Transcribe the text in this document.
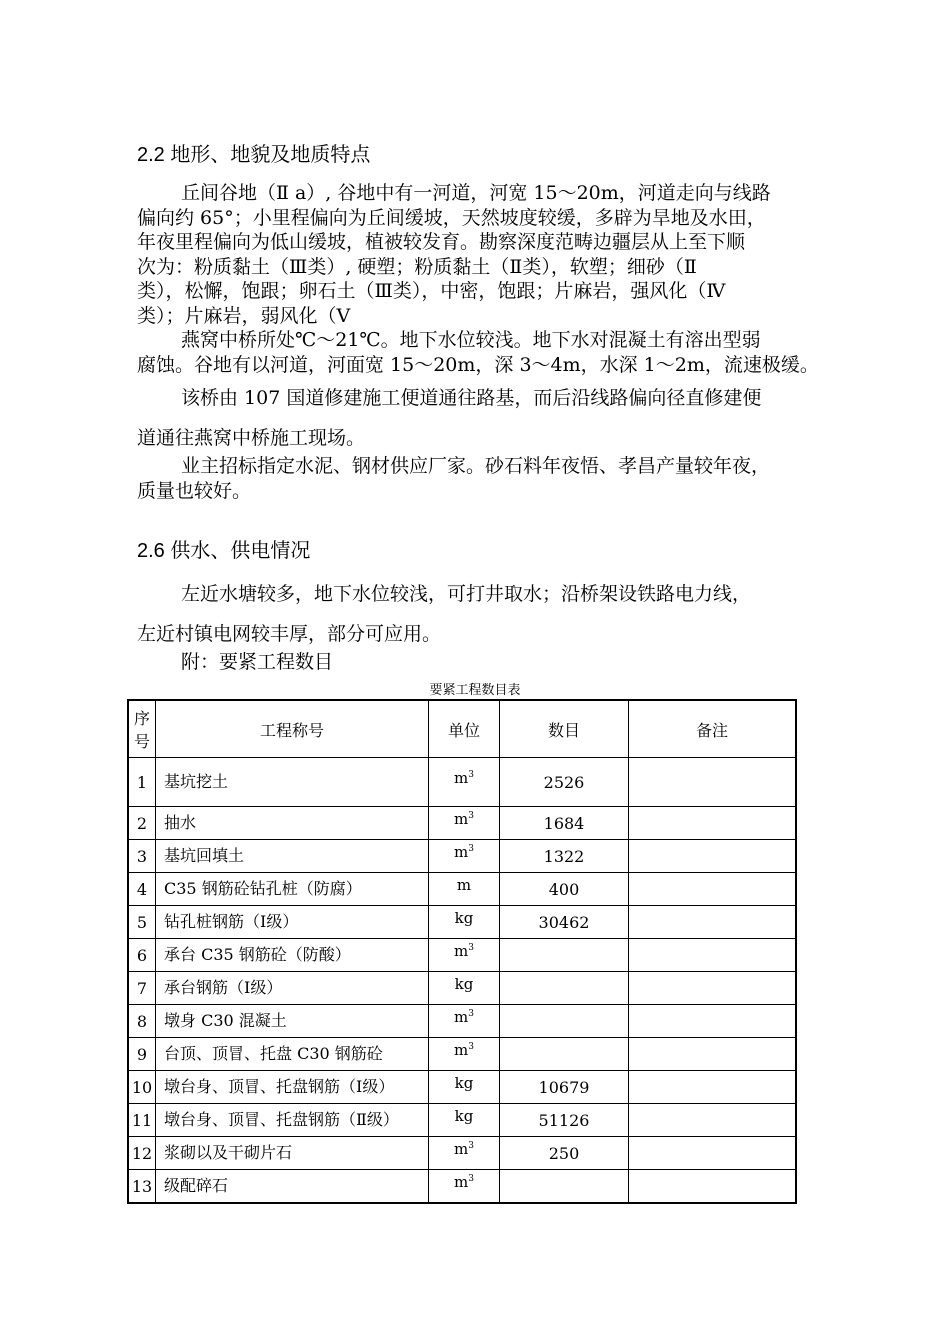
2.2 地形、地貌及地质特点
丘间谷地（Ⅱ a）, 谷地中有一河道，河宽 15～20m，河道走向与线路
偏向约 65°；小里程偏向为丘间缓坡，天然坡度较缓，多辟为旱地及水田，
年夜里程偏向为低山缓坡，植被较发育。勘察深度范畴边疆层从上至下顺
次为：粉质黏土（Ⅲ类）, 硬塑；粉质黏土（Ⅱ类），软塑；细砂（Ⅱ
类），松懈，饱跟；卵石土（Ⅲ类），中密，饱跟；片麻岩，强风化（Ⅳ
类）；片麻岩，弱风化（Ⅴ
燕窝中桥所处℃～21℃。地下水位较浅。地下水对混凝土有溶出型弱
腐蚀。谷地有以河道，河面宽 15～20m，深 3～4m，水深 1～2m，流速极缓。
该桥由 107 国道修建施工便道通往路基，而后沿线路偏向径直修建便
道通往燕窝中桥施工现场。
业主招标指定水泥、钢材供应厂家。砂石料年夜悟、孝昌产量较年夜，
质量也较好。
2.6 供水、供电情况
左近水塘较多，地下水位较浅，可打井取水；沿桥架设铁路电力线，
左近村镇电网较丰厚，部分可应用。
附：要紧工程数目

要紧工程数目表

序
号	工程称号	单位	数目	备注
1	基坑挖土	$m^3$	2526	
2	抽水	$m^3$	1684	
3	基坑回填土	$m^3$	1322	
4	C35 钢筋砼钻孔桩（防腐）	m	400	
5	钻孔桩钢筋（Ⅰ级）	kg	30462	
6	承台 C35 钢筋砼（防酸）	$m^3$		
7	承台钢筋（Ⅰ级）	kg		
8	墩身 C30 混凝土	$m^3$		
9	台顶、顶冒、托盘 C30 钢筋砼	$m^3$		
10	墩台身、顶冒、托盘钢筋（Ⅰ级）	kg	10679	
11	墩台身、顶冒、托盘钢筋（Ⅱ级）	kg	51126	
12	浆砌以及干砌片石	$m^3$	250	
13	级配碎石	$m^3$		
